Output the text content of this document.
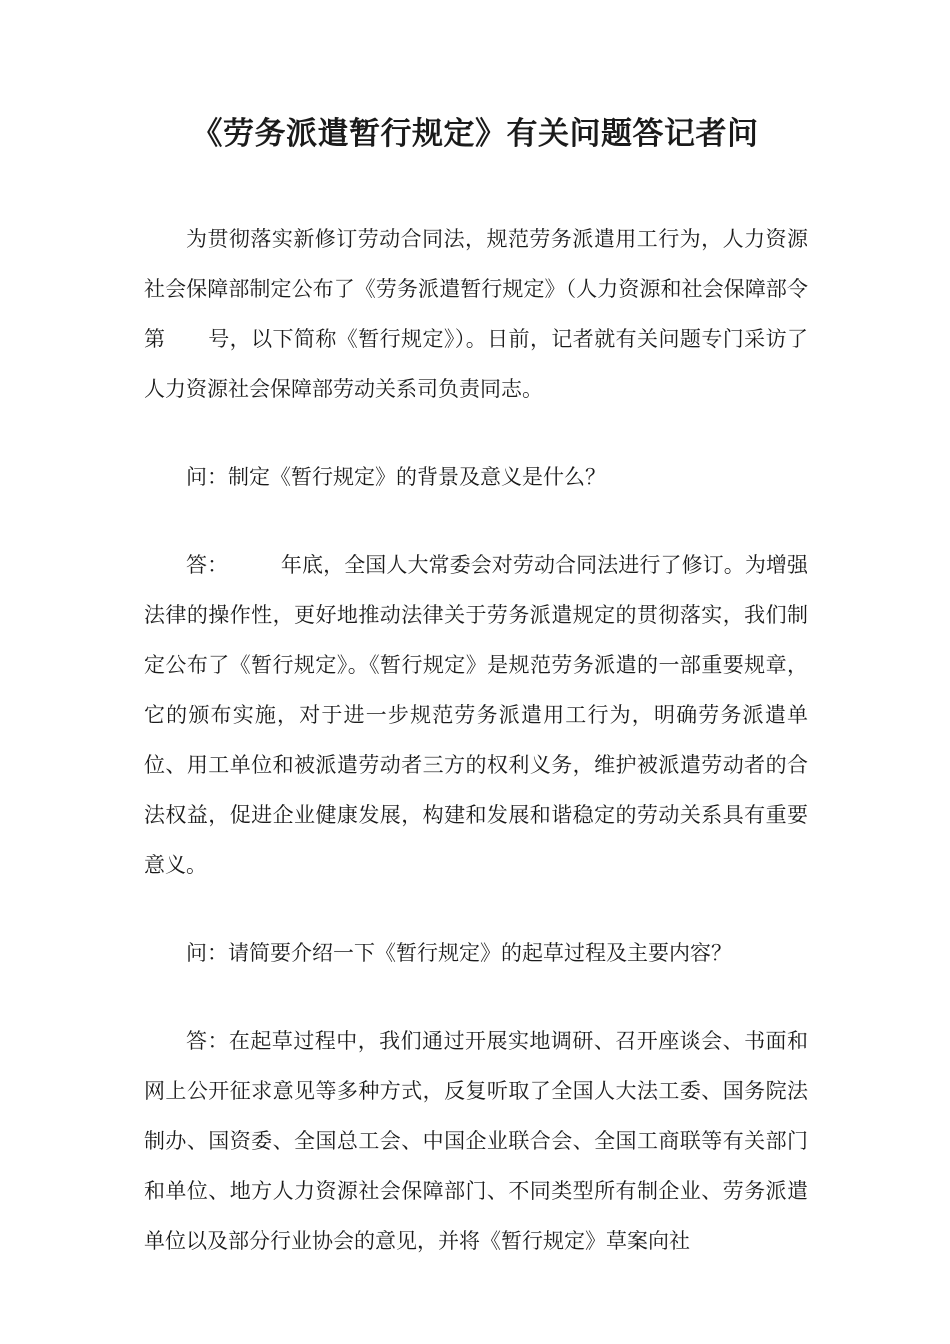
《劳务派遣暂行规定》有关问题答记者问

为贯彻落实新修订劳动合同法，规范劳务派遣用工行为，人力资源社会保障部制定公布了《劳务派遣暂行规定》（人力资源和社会保障部令第　　号，以下简称《暂行规定》）。日前，记者就有关问题专门采访了人力资源社会保障部劳动关系司负责同志。

问：制定《暂行规定》的背景及意义是什么？

答：　　　年底，全国人大常委会对劳动合同法进行了修订。为增强法律的操作性，更好地推动法律关于劳务派遣规定的贯彻落实，我们制定公布了《暂行规定》。《暂行规定》是规范劳务派遣的一部重要规章，它的颁布实施，对于进一步规范劳务派遣用工行为，明确劳务派遣单位、用工单位和被派遣劳动者三方的权利义务，维护被派遣劳动者的合法权益，促进企业健康发展，构建和发展和谐稳定的劳动关系具有重要意义。

问：请简要介绍一下《暂行规定》的起草过程及主要内容？

答：在起草过程中，我们通过开展实地调研、召开座谈会、书面和网上公开征求意见等多种方式，反复听取了全国人大法工委、国务院法制办、国资委、全国总工会、中国企业联合会、全国工商联等有关部门和单位、地方人力资源社会保障部门、不同类型所有制企业、劳务派遣单位以及部分行业协会的意见，并将《暂行规定》草案向社
